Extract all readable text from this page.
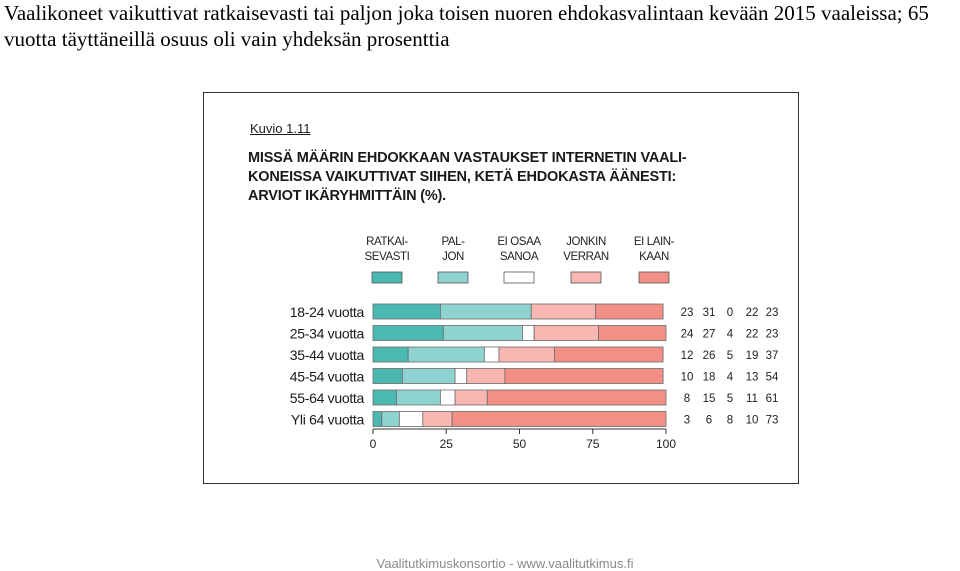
Vaalikoneet vaikuttivat ratkaisevasti tai paljon joka toisen nuoren ehdokasvalintaan kevään 2015 vaaleissa; 65 vuotta täyttäneillä osuus oli vain yhdeksän prosenttia
Kuvio 1.11
MISSÄ MÄÄRIN EHDOKKAAN VASTAUKSET INTERNETIN VAALI-
KONEISSA VAIKUTTIVAT SIIHEN, KETÄ EHDOKASTA ÄÄNESTI:
ARVIOT IKÄRYHMITTÄIN (%).
RATKAI-
SEVASTI
PAL-
JON
EI OSAA
SANOA
JONKIN
VERRAN
EI LAIN-
KAAN
18-24 vuotta	23 31 0 22 23
25-34 vuotta	24 27 4 22 23
35-44 vuotta	12 26 5 19 37
45-54 vuotta	10 18 4 13 54
55-64 vuotta	8 15 5 11 61
Yli 64 vuotta	3 6 8 10 73
0	25	50	75	100
Vaalitutkimuskonsortio - www.vaalitutkimus.fi
